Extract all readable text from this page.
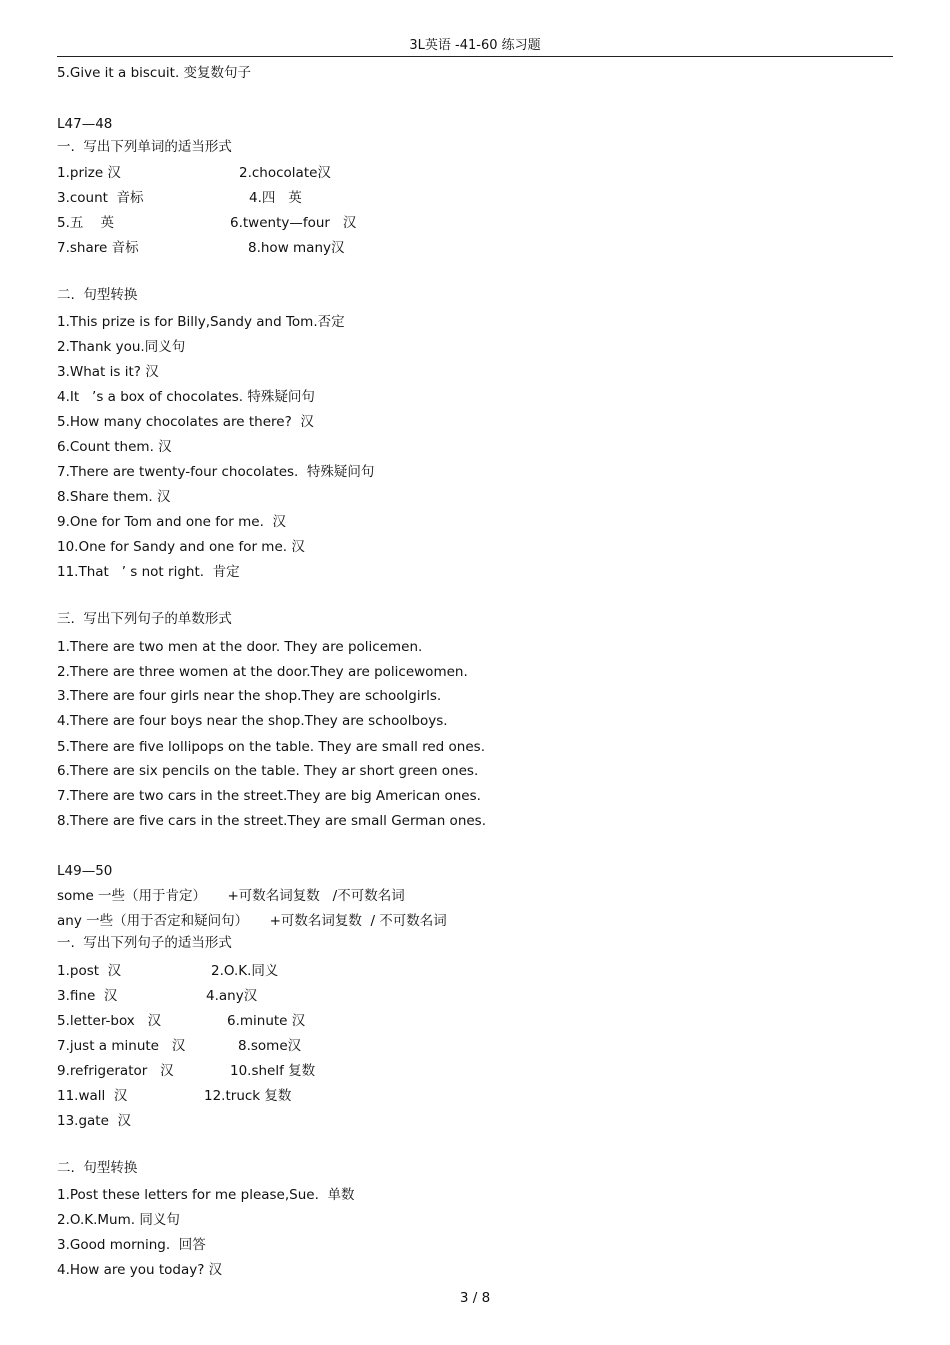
3L英语 -41-60 练习题
5.Give it a biscuit. 变复数句子
L47—48
一.  写出下列单词的适当形式
1.prize 汉	2.chocolate汉
3.count  音标	4.四   英
5.五    英	6.twenty—four   汉
7.share 音标	8.how many汉
二.  句型转换
1.This prize is for Billy,Sandy and Tom.否定
2.Thank you.同义句
3.What is it? 汉
4.It   ’s a box of chocolates. 特殊疑问句
5.How many chocolates are there?  汉
6.Count them. 汉
7.There are twenty-four chocolates.  特殊疑问句
8.Share them. 汉
9.One for Tom and one for me.  汉
10.One for Sandy and one for me. 汉
11.That   ’ s not right.  肯定
三.  写出下列句子的单数形式
1.There are two men at the door. They are policemen.
2.There are three women at the door.They are policewomen.
3.There are four girls near the shop.They are schoolgirls.
4.There are four boys near the shop.They are schoolboys.
5.There are five lollipops on the table. They are small red ones.
6.There are six pencils on the table. They ar short green ones.
7.There are two cars in the street.They are big American ones.
8.There are five cars in the street.They are small German ones.
L49—50
some 一些（用于肯定）     +可数名词复数   /不可数名词
any 一些（用于否定和疑问句）     +可数名词复数  / 不可数名词
一.  写出下列句子的适当形式
1.post  汉	2.O.K.同义
3.fine  汉	4.any汉
5.letter-box   汉	6.minute 汉
7.just a minute   汉	8.some汉
9.refrigerator   汉	10.shelf 复数
11.wall  汉	12.truck 复数
13.gate  汉
二.  句型转换
1.Post these letters for me please,Sue.  单数
2.O.K.Mum. 同义句
3.Good morning.  回答
4.How are you today? 汉
3 / 8
